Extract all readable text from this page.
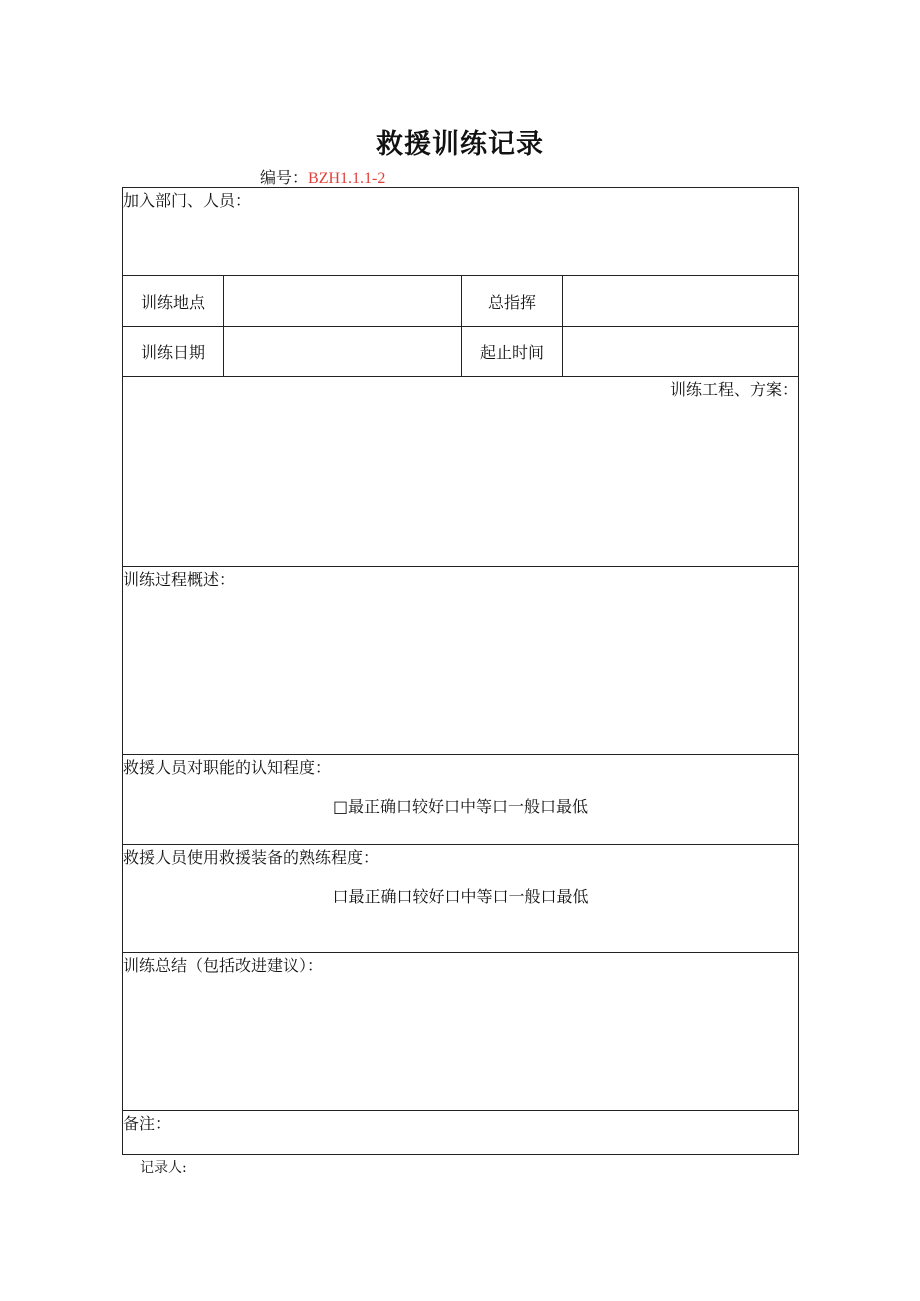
救援训练记录
编号：BZH1.1.1-2
加入部门、人员：			
训练地点		总指挥	
训练日期		起止时间	
训练工程、方案：			
训练过程概述：			

救援人员对职能的认知程度：
□最正确口较好口中等口一般口最低			

救援人员使用救援装备的熟练程度：
口最正确口较好口中等口一般口最低			

训练总结（包括改进建议）：			
备注：			
记录人:
